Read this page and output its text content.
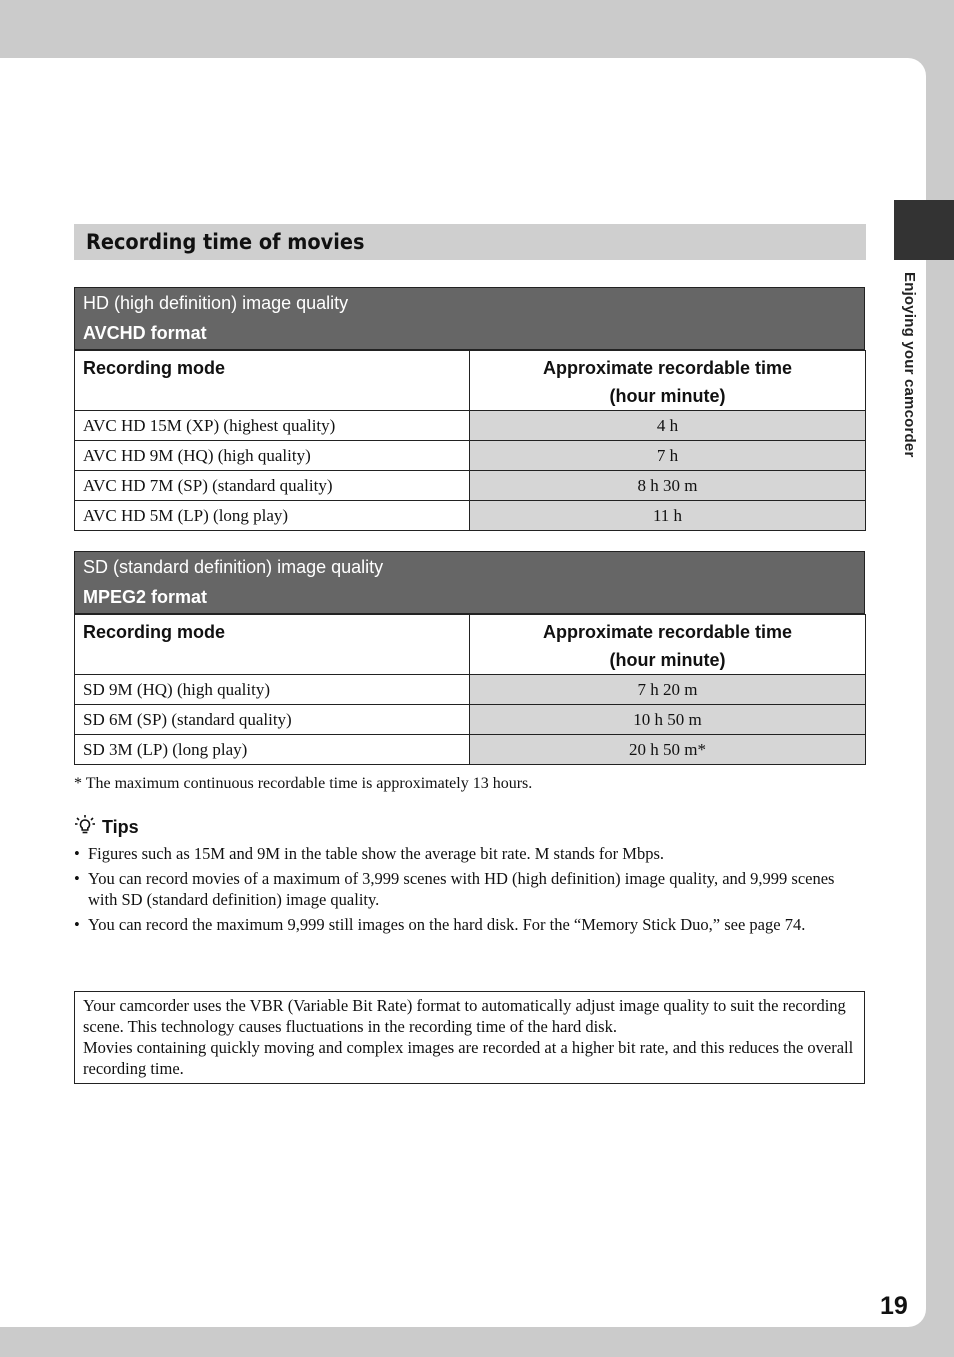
Enjoying your camcorder
Recording time of movies
HD (high definition) image quality
AVCHD format
Recording mode	Approximate recordable time
(hour minute)

AVC HD 15M (XP) (highest quality)	4 h
AVC HD 9M (HQ) (high quality)	7 h
AVC HD 7M (SP) (standard quality)	8 h 30 m
AVC HD 5M (LP) (long play)	11 h
SD (standard definition) image quality
MPEG2 format
Recording mode	Approximate recordable time
(hour minute)

SD 9M (HQ) (high quality)	7 h 20 m
SD 6M (SP) (standard quality)	10 h 50 m
SD 3M (LP) (long play)	20 h 50 m*
* The maximum continuous recordable time is approximately 13 hours.
Tips
• Figures such as 15M and 9M in the table show the average bit rate. M stands for Mbps.
• You can record movies of a maximum of 3,999 scenes with HD (high definition) image quality, and 9,999 scenes with SD (standard definition) image quality.
• You can record the maximum 9,999 still images on the hard disk. For the “Memory Stick Duo,” see page 74.
Your camcorder uses the VBR (Variable Bit Rate) format to automatically adjust image quality to suit the recording scene. This technology causes fluctuations in the recording time of the hard disk.
Movies containing quickly moving and complex images are recorded at a higher bit rate, and this reduces the overall recording time.
19
